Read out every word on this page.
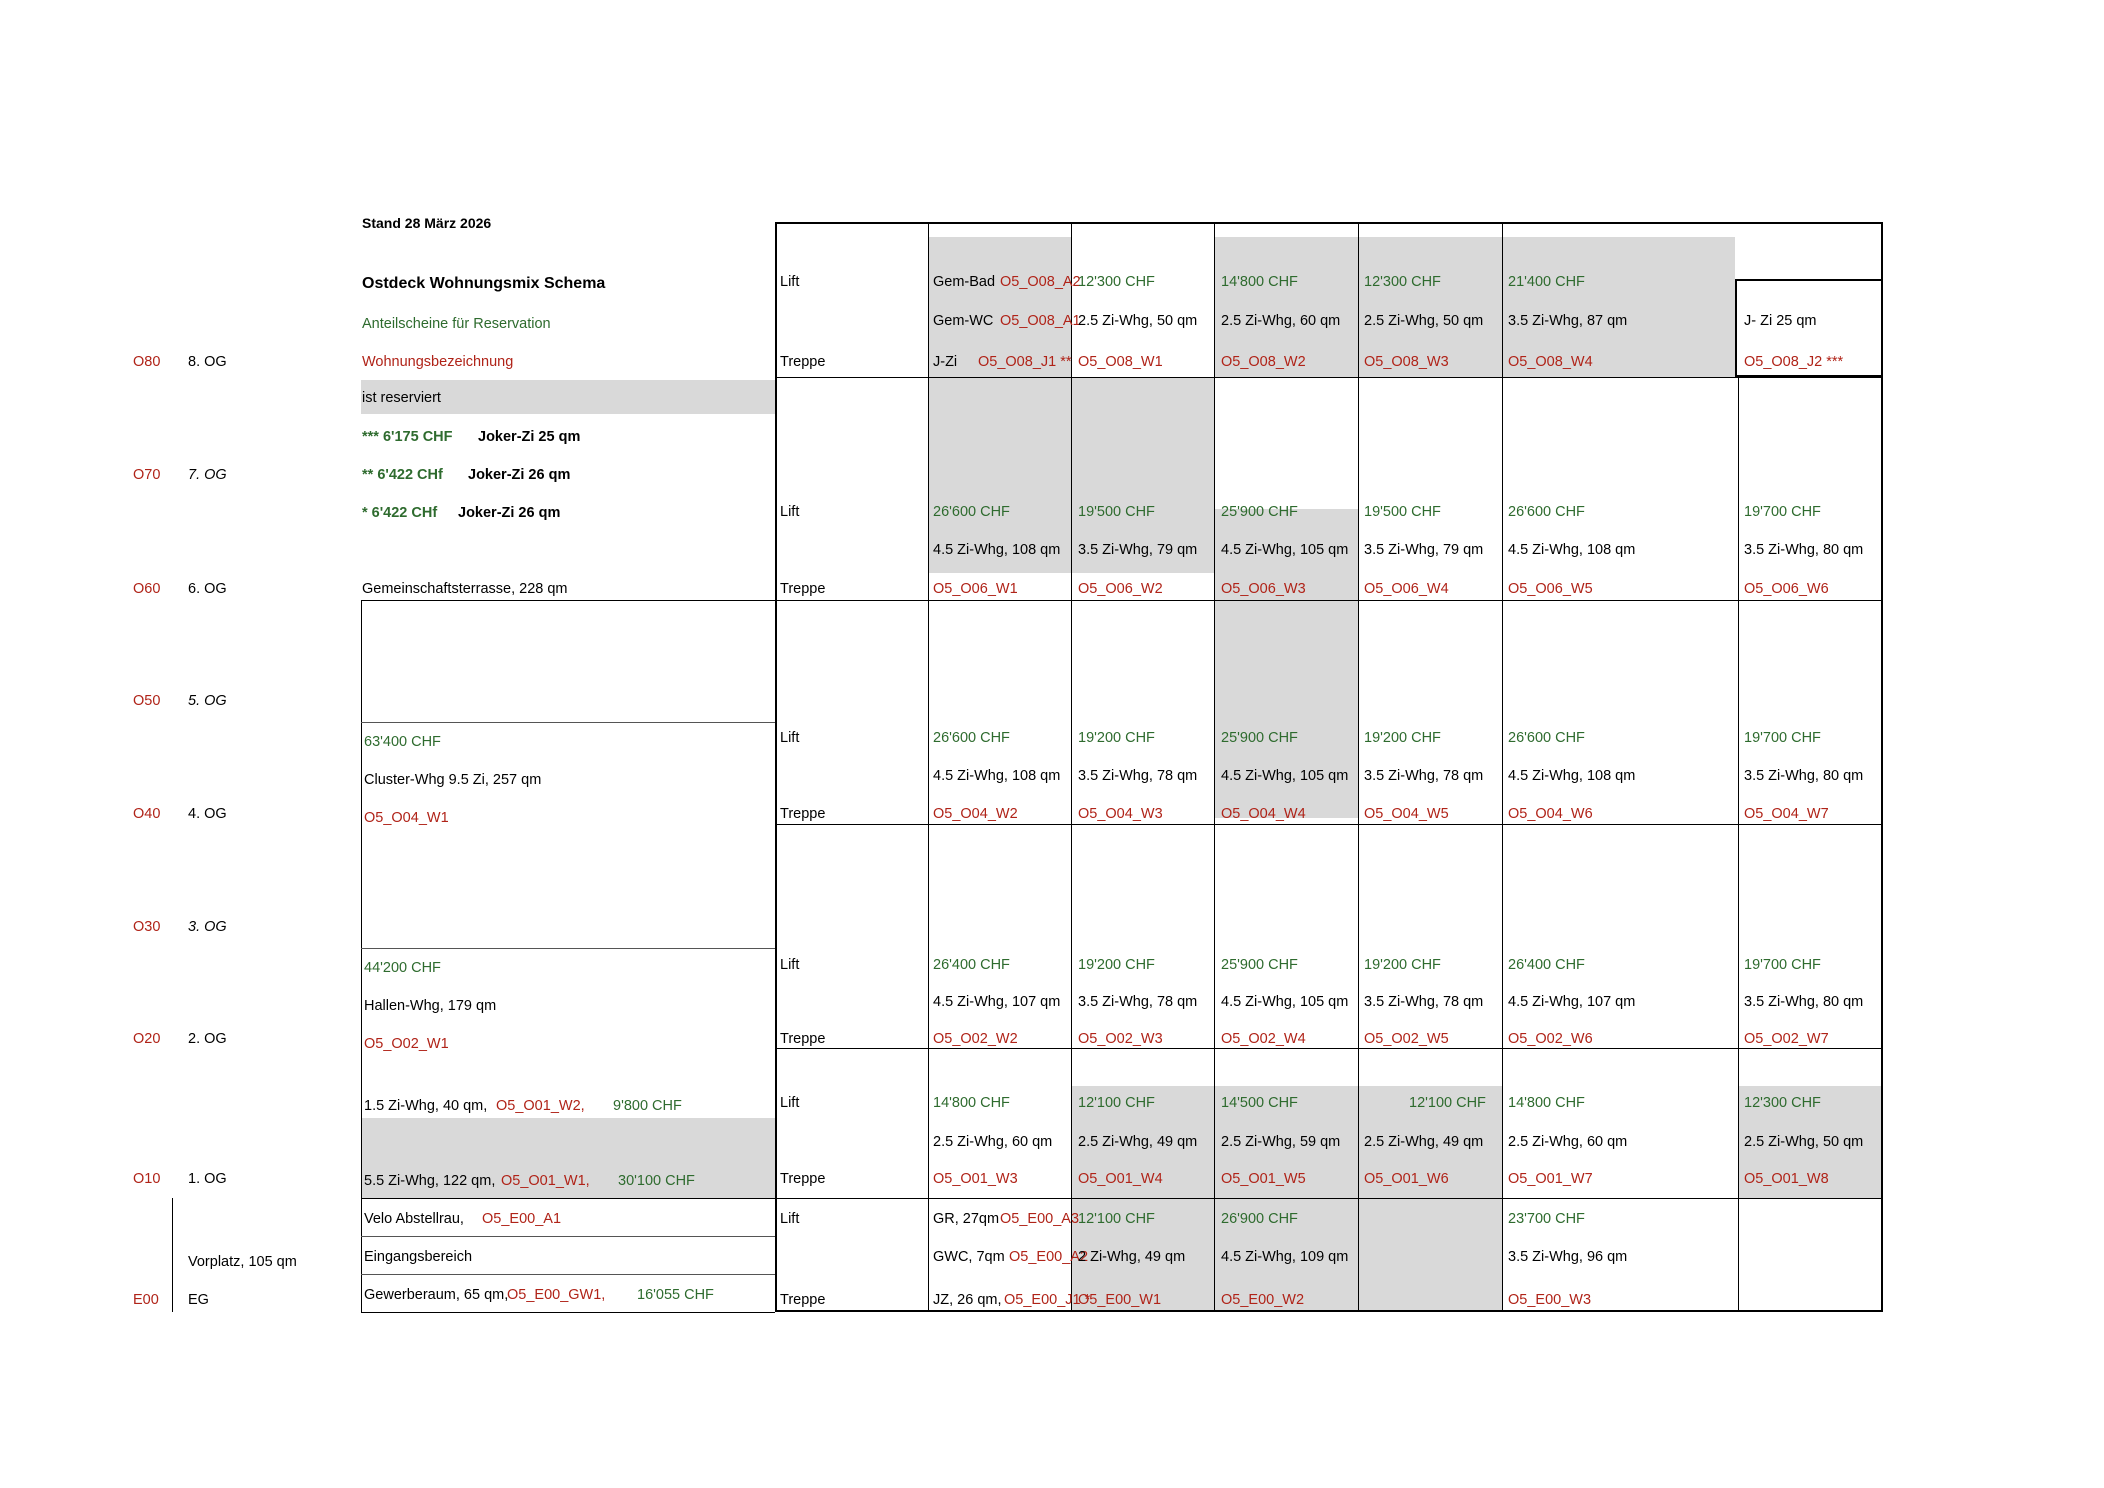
Stand 28 März 2026
Ostdeck Wohnungsmix Schema
Anteilscheine für Reservation
Wohnungsbezeichnung
ist reserviert
*** 6'175 CHF Joker-Zi 25 qm
** 6'422 CHf Joker-Zi 26 qm
* 6'422 CHf Joker-Zi 26 qm
Gemeinschaftsterrasse, 228 qm
O80 8. OG
O70 7. OG
O60 6. OG
O50 5. OG
O40 4. OG
O30 3. OG
O20 2. OG
O10 1. OG
E00 EG
Vorplatz, 105 qm
63'400 CHF
Cluster-Whg 9.5 Zi, 257 qm
O5_O04_W1
44'200 CHF
Hallen-Whg, 179 qm
O5_O02_W1
1.5 Zi-Whg, 40 qm, O5_O01_W2, 9'800 CHF
5.5 Zi-Whg, 122 qm, O5_O01_W1, 30'100 CHF
Velo Abstellrau, O5_E00_A1
Eingangsbereich
Gewerberaum, 65 qm,
O5_E00_GW1, 16'055 CHF
Lift
Treppe
Lift
Treppe
Lift
Treppe
Lift
Treppe
Lift
Treppe
Lift
Treppe
Gem-Bad O5_O08_A2
Gem-WC O5_O08_A1
J-Zi O5_O08_J1 **
12'300 CHF
2.5 Zi-Whg, 50 qm
O5_O08_W1
14'800 CHF
2.5 Zi-Whg, 60 qm
O5_O08_W2
12'300 CHF
2.5 Zi-Whg, 50 qm
O5_O08_W3
21'400 CHF
3.5 Zi-Whg, 87 qm
O5_O08_W4
J- Zi 25 qm
O5_O08_J2 ***
26'600 CHF
4.5 Zi-Whg, 108 qm
O5_O06_W1
19'500 CHF
3.5 Zi-Whg, 79 qm
O5_O06_W2
25'900 CHF
4.5 Zi-Whg, 105 qm
O5_O06_W3
19'500 CHF
3.5 Zi-Whg, 79 qm
O5_O06_W4
26'600 CHF
4.5 Zi-Whg, 108 qm
O5_O06_W5
19'700 CHF
3.5 Zi-Whg, 80 qm
O5_O06_W6
26'600 CHF
4.5 Zi-Whg, 108 qm
O5_O04_W2
19'200 CHF
3.5 Zi-Whg, 78 qm
O5_O04_W3
25'900 CHF
4.5 Zi-Whg, 105 qm
O5_O04_W4
19'200 CHF
3.5 Zi-Whg, 78 qm
O5_O04_W5
26'600 CHF
4.5 Zi-Whg, 108 qm
O5_O04_W6
19'700 CHF
3.5 Zi-Whg, 80 qm
O5_O04_W7
26'400 CHF
4.5 Zi-Whg, 107 qm
O5_O02_W2
19'200 CHF
3.5 Zi-Whg, 78 qm
O5_O02_W3
25'900 CHF
4.5 Zi-Whg, 105 qm
O5_O02_W4
19'200 CHF
3.5 Zi-Whg, 78 qm
O5_O02_W5
26'400 CHF
4.5 Zi-Whg, 107 qm
O5_O02_W6
19'700 CHF
3.5 Zi-Whg, 80 qm
O5_O02_W7
14'800 CHF
2.5 Zi-Whg, 60 qm
O5_O01_W3
12'100 CHF
2.5 Zi-Whg, 49 qm
O5_O01_W4
14'500 CHF
2.5 Zi-Whg, 59 qm
O5_O01_W5
12'100 CHF
2.5 Zi-Whg, 49 qm
O5_O01_W6
14'800 CHF
2.5 Zi-Whg, 60 qm
O5_O01_W7
12'300 CHF
2.5 Zi-Whg, 50 qm
O5_O01_W8
GR, 27qm O5_E00_A3
GWC, 7qm O5_E00_A2
JZ, 26 qm, O5_E00_J1 *
12'100 CHF
2 Zi-Whg, 49 qm
O5_E00_W1
26'900 CHF
4.5 Zi-Whg, 109 qm
O5_E00_W2
23'700 CHF
3.5 Zi-Whg, 96 qm
O5_E00_W3
